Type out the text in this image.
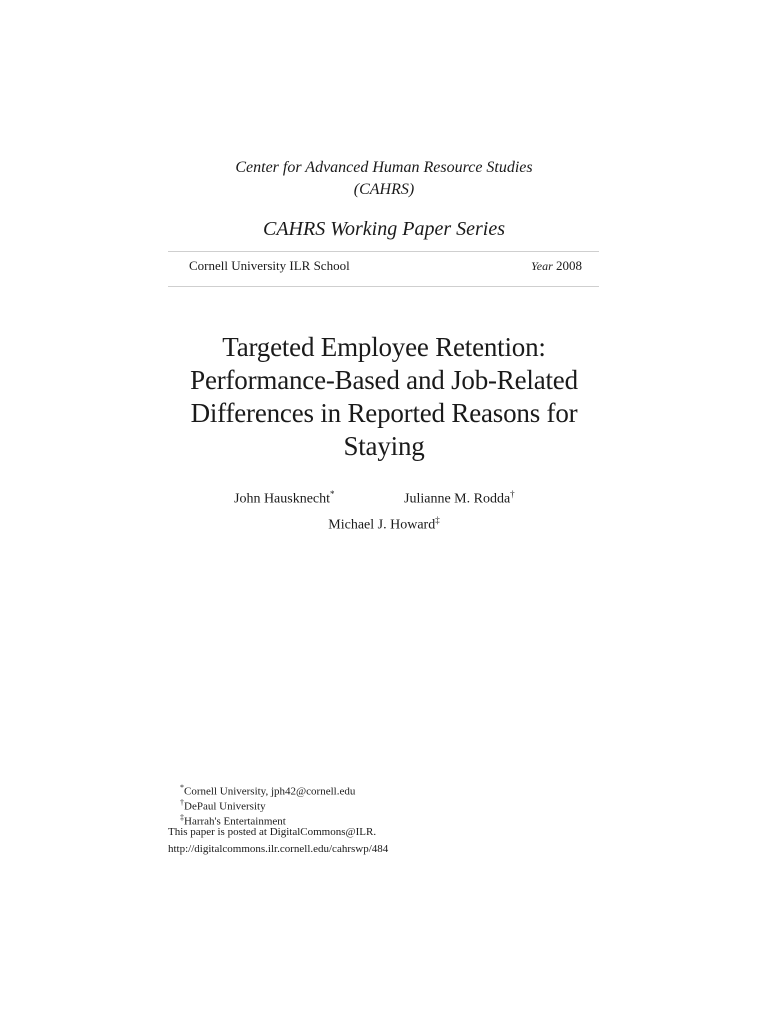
Center for Advanced Human Resource Studies
(CAHRS)
CAHRS Working Paper Series
Cornell University ILR School	Year 2008
Targeted Employee Retention:
Performance-Based and Job-Related
Differences in Reported Reasons for
Staying
John Hausknecht*	Julianne M. Rodda†
Michael J. Howard‡
*Cornell University, jph42@cornell.edu
†DePaul University
‡Harrah's Entertainment
This paper is posted at DigitalCommons@ILR.
http://digitalcommons.ilr.cornell.edu/cahrswp/484
